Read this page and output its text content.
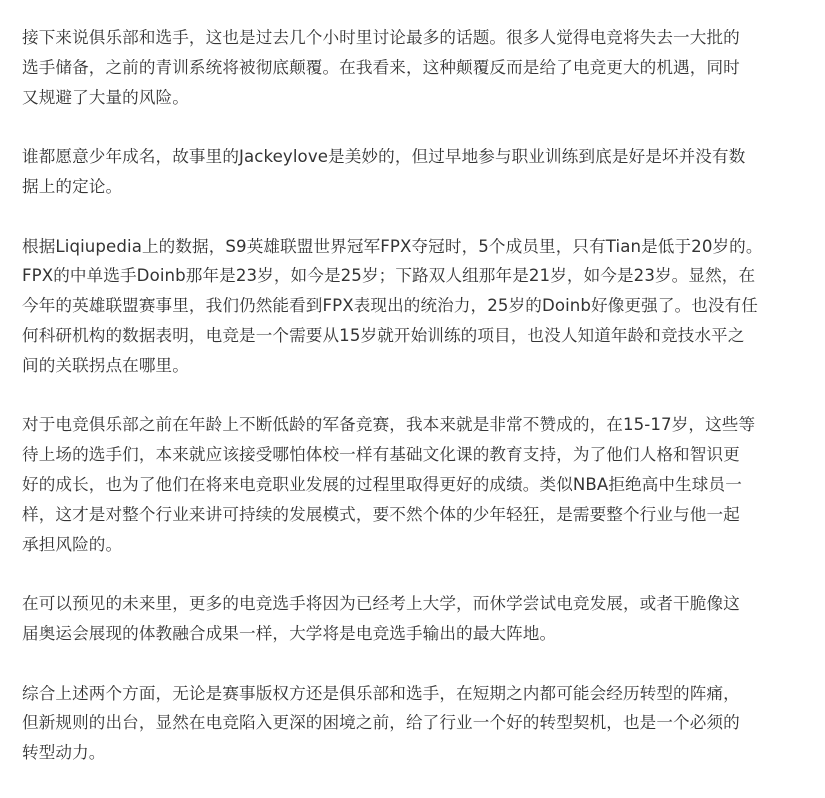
接下来说俱乐部和选手，这也是过去几个小时里讨论最多的话题。很多人觉得电竞将失去一大批的
选手储备，之前的青训系统将被彻底颠覆。在我看来，这种颠覆反而是给了电竞更大的机遇，同时
又规避了大量的风险。

谁都愿意少年成名，故事里的Jackeylove是美妙的，但过早地参与职业训练到底是好是坏并没有数
据上的定论。

根据Liqiupedia上的数据，S9英雄联盟世界冠军FPX夺冠时，5个成员里，只有Tian是低于20岁的。
FPX的中单选手Doinb那年是23岁，如今是25岁；下路双人组那年是21岁，如今是23岁。显然，在
今年的英雄联盟赛事里，我们仍然能看到FPX表现出的统治力，25岁的Doinb好像更强了。也没有任
何科研机构的数据表明，电竞是一个需要从15岁就开始训练的项目，也没人知道年龄和竞技水平之
间的关联拐点在哪里。

对于电竞俱乐部之前在年龄上不断低龄的军备竞赛，我本来就是非常不赞成的，在15-17岁，这些等
待上场的选手们，本来就应该接受哪怕体校一样有基础文化课的教育支持，为了他们人格和智识更
好的成长，也为了他们在将来电竞职业发展的过程里取得更好的成绩。类似NBA拒绝高中生球员一
样，这才是对整个行业来讲可持续的发展模式，要不然个体的少年轻狂，是需要整个行业与他一起
承担风险的。

在可以预见的未来里，更多的电竞选手将因为已经考上大学，而休学尝试电竞发展，或者干脆像这
届奥运会展现的体教融合成果一样，大学将是电竞选手输出的最大阵地。

综合上述两个方面，无论是赛事版权方还是俱乐部和选手，在短期之内都可能会经历转型的阵痛，
但新规则的出台，显然在电竞陷入更深的困境之前，给了行业一个好的转型契机，也是一个必须的
转型动力。
